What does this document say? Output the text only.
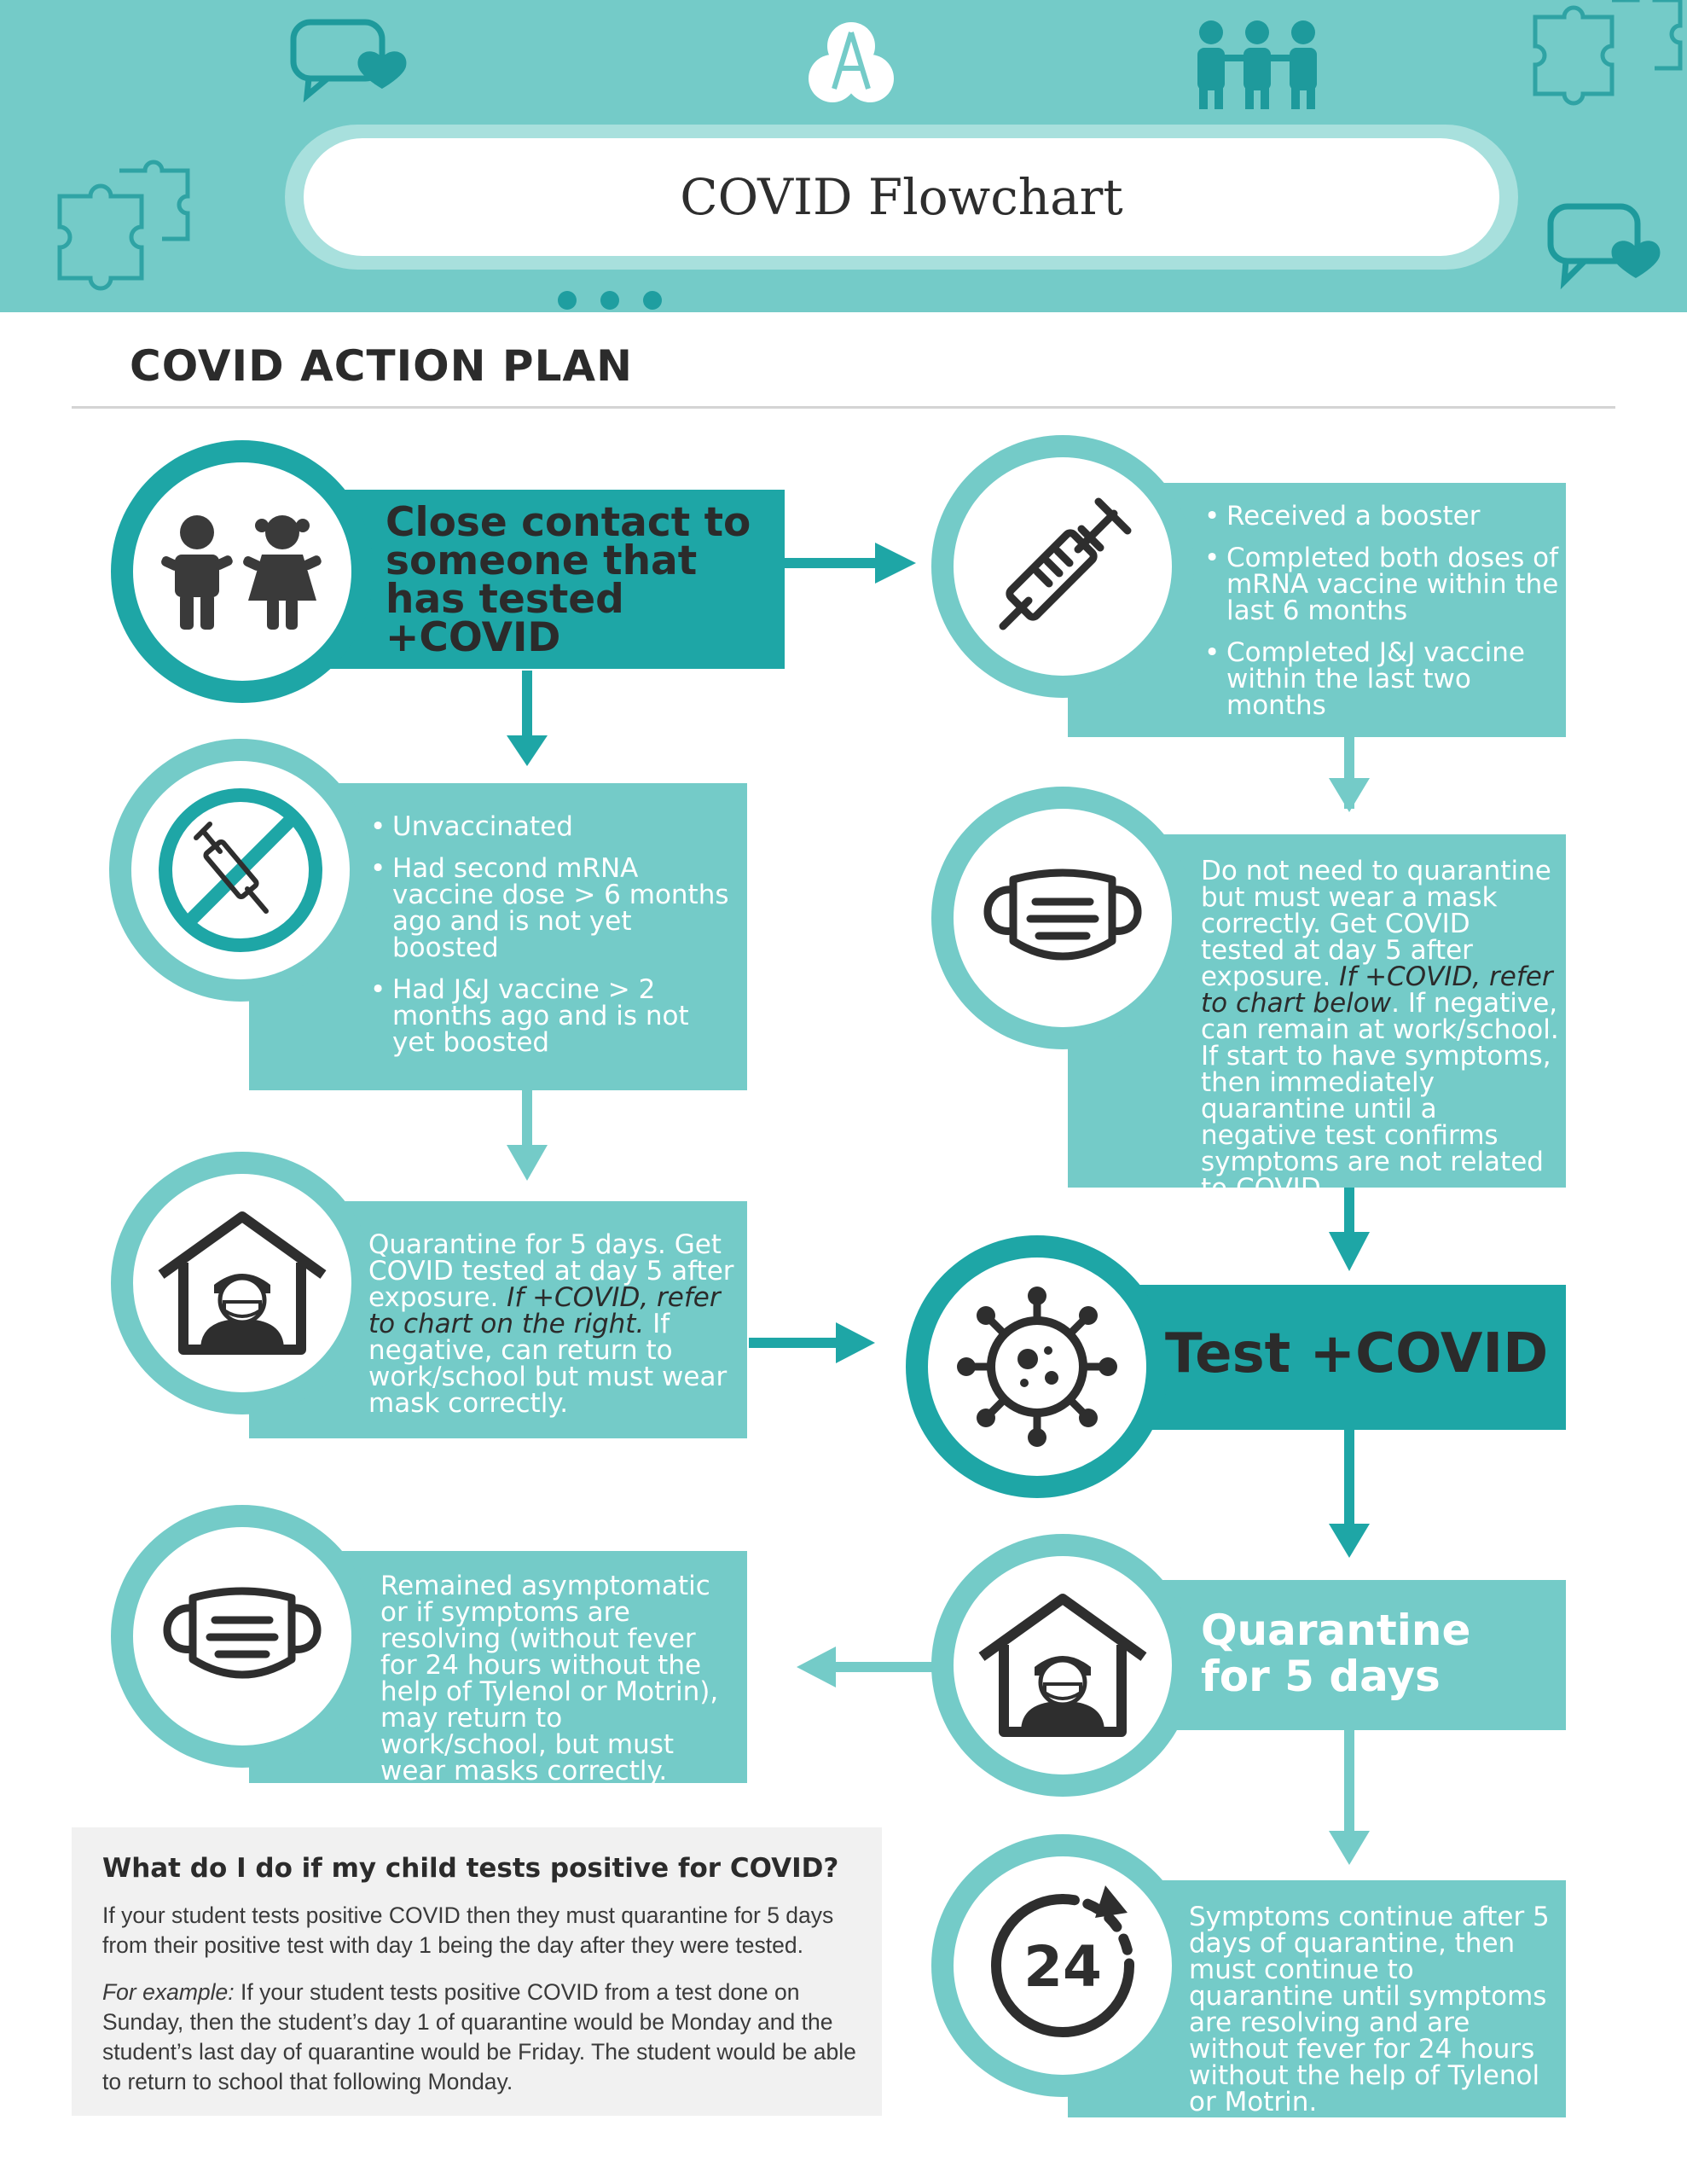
COVID Flowchart
COVID ACTION PLAN
Close contact to someone that has tested +COVID
• Received a booster
• Completed both doses of mRNA vaccine within the last 6 months
• Completed J&J vaccine within the last two months
• Unvaccinated
• Had second mRNA vaccine dose > 6 months ago and is not yet boosted
• Had J&J vaccine > 2 months ago and is not yet boosted
Do not need to quarantine but must wear a mask correctly. Get COVID tested at day 5 after exposure. If +COVID, refer to chart below. If negative, can remain at work/school. If start to have symptoms, then immediately quarantine until a negative test confirms symptoms are not related to COVID.
Quarantine for 5 days. Get COVID tested at day 5 after exposure. If +COVID, refer to chart on the right. If negative, can return to work/school but must wear mask correctly.
Test +COVID
Remained asymptomatic or if symptoms are resolving (without fever for 24 hours without the help of Tylenol or Motrin), may return to work/school, but must wear masks correctly.
Quarantine for 5 days
24
Symptoms continue after 5 days of quarantine, then must continue to quarantine until symptoms are resolving and are without fever for 24 hours without the help of Tylenol or Motrin.
What do I do if my child tests positive for COVID?
If your student tests positive COVID then they must quarantine for 5 days from their positive test with day 1 being the day after they were tested.
For example: If your student tests positive COVID from a test done on Sunday, then the student’s day 1 of quarantine would be Monday and the student’s last day of quarantine would be Friday. The student would be able to return to school that following Monday.
